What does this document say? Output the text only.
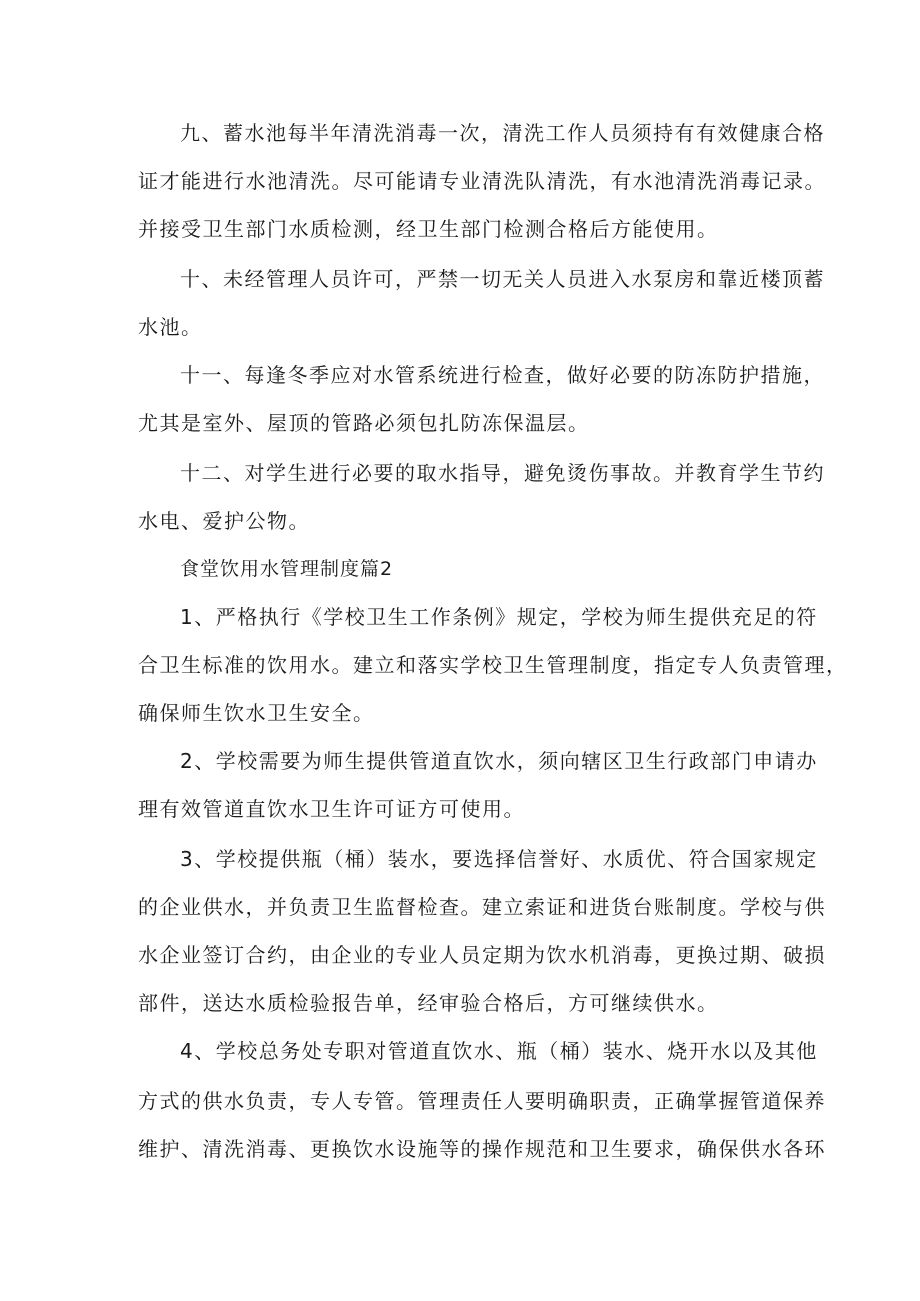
九、蓄水池每半年清洗消毒一次，清洗工作人员须持有有效健康合格
证才能进行水池清洗。尽可能请专业清洗队清洗，有水池清洗消毒记录。
并接受卫生部门水质检测，经卫生部门检测合格后方能使用。
十、未经管理人员许可，严禁一切无关人员进入水泵房和靠近楼顶蓄
水池。
十一、每逢冬季应对水管系统进行检查，做好必要的防冻防护措施，
尤其是室外、屋顶的管路必须包扎防冻保温层。
十二、对学生进行必要的取水指导，避免烫伤事故。并教育学生节约
水电、爱护公物。
食堂饮用水管理制度篇2
1、严格执行《学校卫生工作条例》规定，学校为师生提供充足的符
合卫生标准的饮用水。建立和落实学校卫生管理制度，指定专人负责管理，
确保师生饮水卫生安全。
2、学校需要为师生提供管道直饮水，须向辖区卫生行政部门申请办
理有效管道直饮水卫生许可证方可使用。
3、学校提供瓶（桶）装水，要选择信誉好、水质优、符合国家规定
的企业供水，并负责卫生监督检查。建立索证和进货台账制度。学校与供
水企业签订合约，由企业的专业人员定期为饮水机消毒，更换过期、破损
部件，送达水质检验报告单，经审验合格后，方可继续供水。
4、学校总务处专职对管道直饮水、瓶（桶）装水、烧开水以及其他
方式的供水负责，专人专管。管理责任人要明确职责，正确掌握管道保养
维护、清洗消毒、更换饮水设施等的操作规范和卫生要求，确保供水各环
